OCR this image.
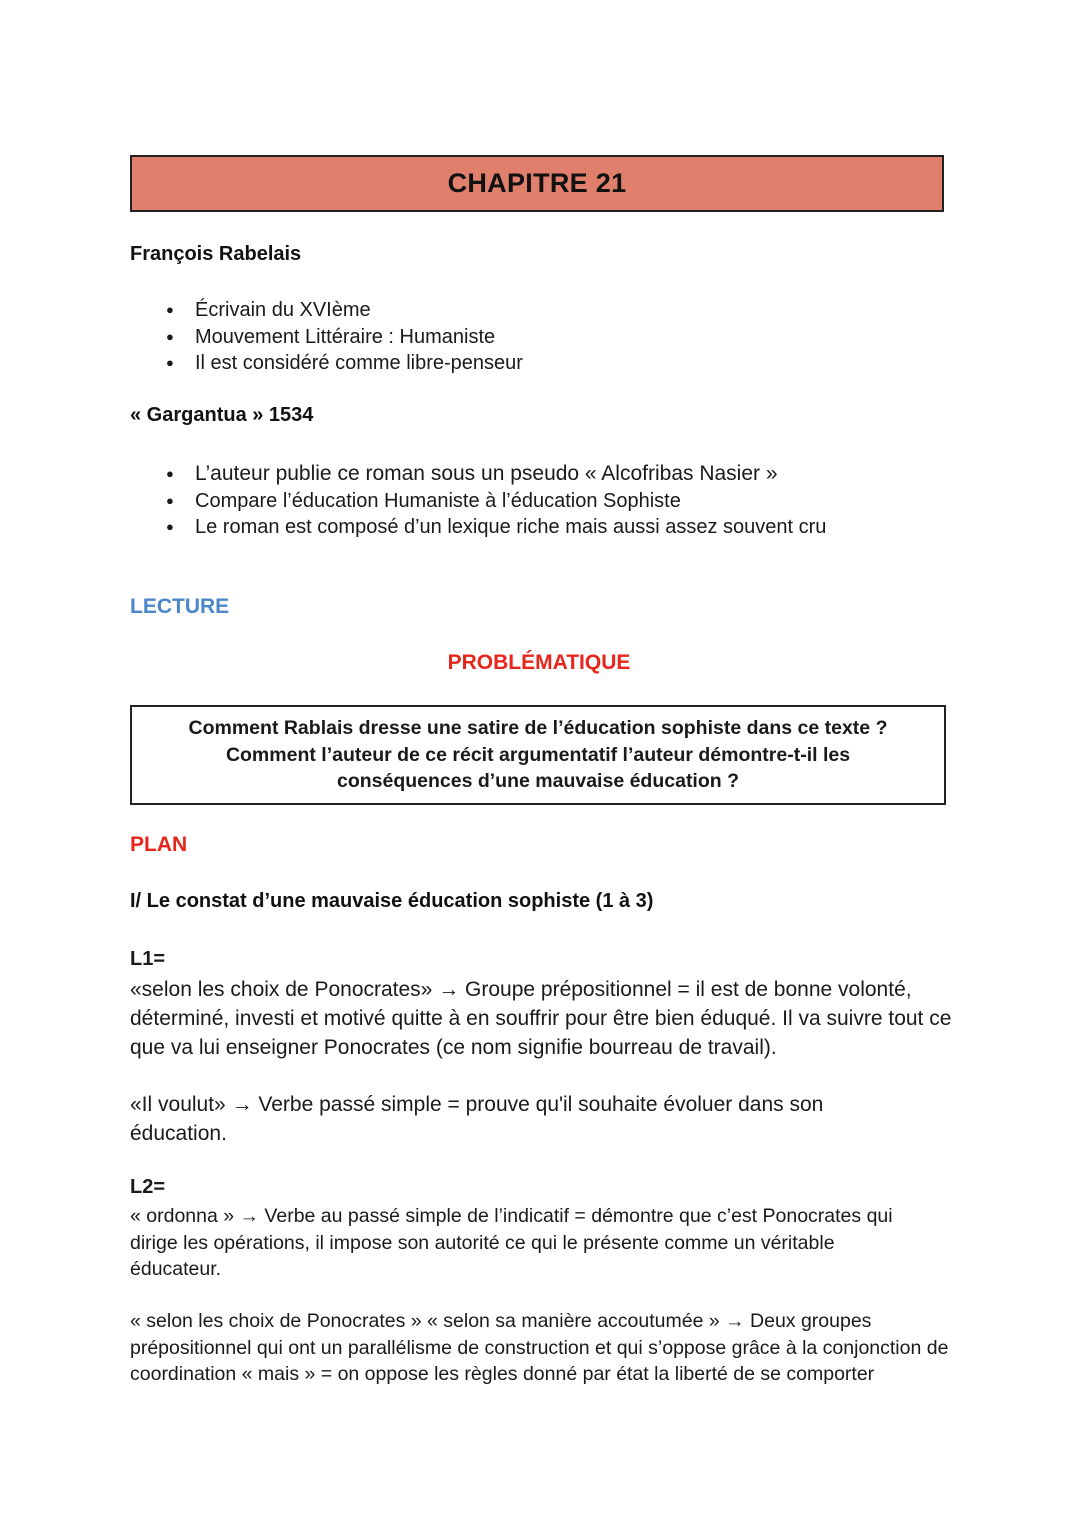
CHAPITRE 21
François Rabelais
● Écrivain du XVIème
● Mouvement Littéraire : Humaniste
● Il est considéré comme libre-penseur
« Gargantua » 1534
● L’auteur publie ce roman sous un pseudo « Alcofribas Nasier »
● Compare l’éducation Humaniste à l’éducation Sophiste
● Le roman est composé d’un lexique riche mais aussi assez souvent cru
LECTURE
PROBLÉMATIQUE
Comment Rablais dresse une satire de l’éducation sophiste dans ce texte ?
Comment l’auteur de ce récit argumentatif l’auteur démontre-t-il les
conséquences d’une mauvaise éducation ?
PLAN
I/ Le constat d’une mauvaise éducation sophiste (1 à 3)
L1=
«selon les choix de Ponocrates» → Groupe prépositionnel = il est de bonne volonté, déterminé, investi et motivé quitte à en souffrir pour être bien éduqué. Il va suivre tout ce que va lui enseigner Ponocrates (ce nom signifie bourreau de travail).
«Il voulut» → Verbe passé simple = prouve qu'il souhaite évoluer dans son éducation.
L2=
« ordonna » → Verbe au passé simple de l’indicatif = démontre que c’est Ponocrates qui dirige les opérations, il impose son autorité ce qui le présente comme un véritable éducateur.
« selon les choix de Ponocrates » « selon sa manière accoutumée » → Deux groupes prépositionnel qui ont un parallélisme de construction et qui s’oppose grâce à la conjonction de coordination « mais » = on oppose les règles donné par état la liberté de se comporter
